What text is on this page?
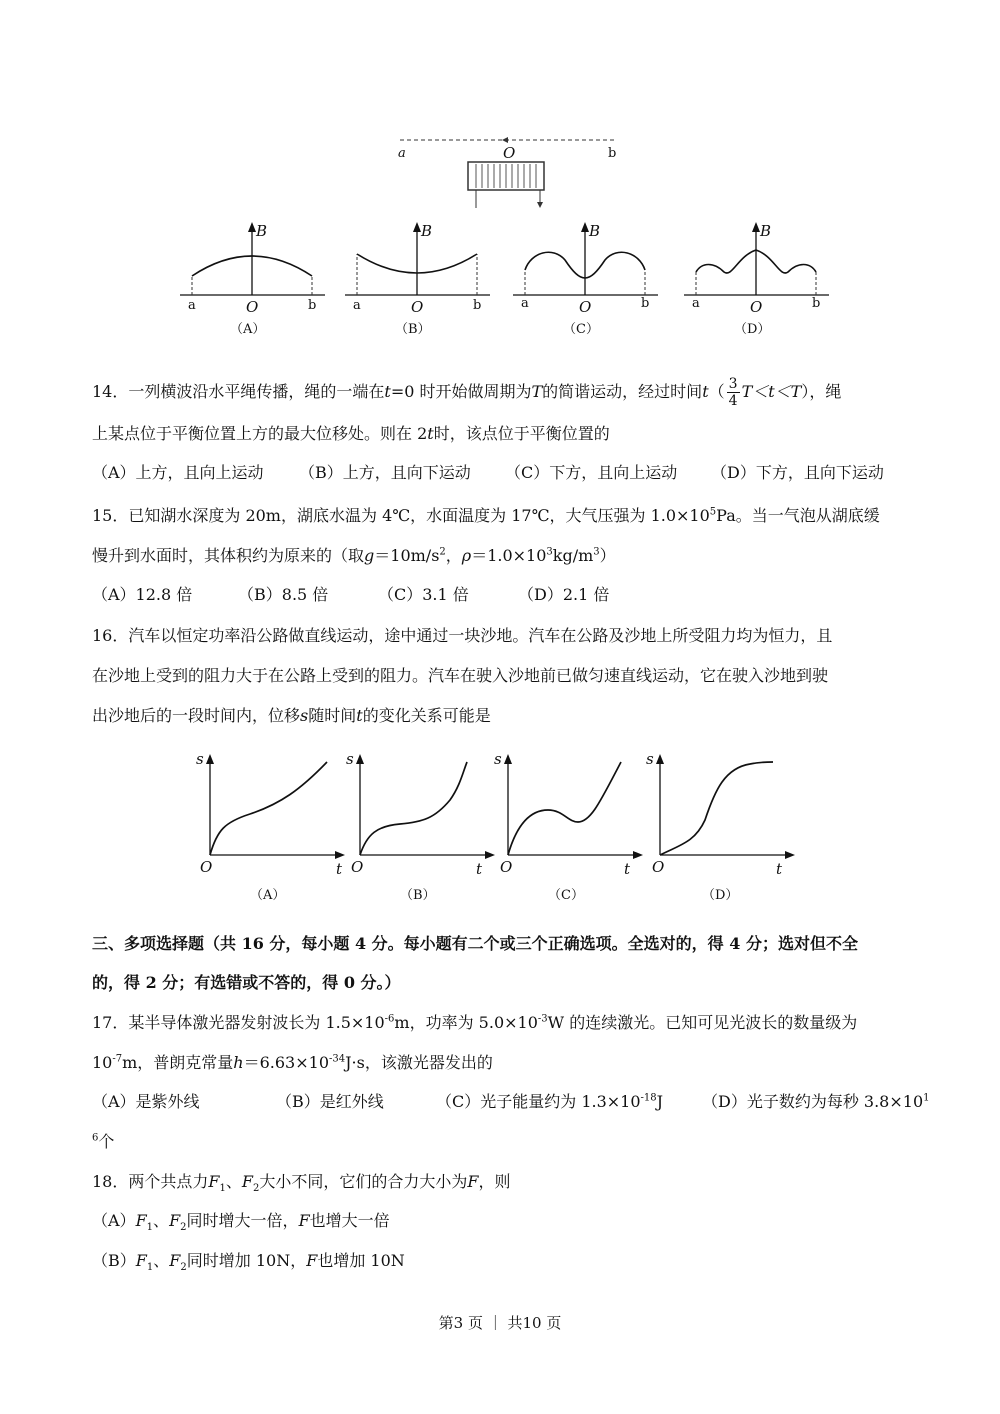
a	O	b
B
a	O	b
（A）
B
a	O	b
（B）
B
a	O	b
（C）
B
a	O	b
（D）
14．一列横波沿水平绳传播，绳的一端在t=0 时开始做周期为T的简谐运动，经过时间$t( \frac{3}{4} T<t<T)$，绳
上某点位于平衡位置上方的最大位移处。则在 2t时，该点位于平衡位置的
（A）上方，且向上运动 （B）上方，且向下运动 （C）下方，且向上运动 （D）下方，且向下运动
15．已知湖水深度为 20m，湖底水温为 4℃，水面温度为 17℃，大气压强为 $1.0\times 10^5Pa$。当一气泡从湖底缓
慢升到水面时，其体积约为原来的（取$g=10m/s^2$，$\rho=1.0\times 10^3kg/m^3$）
（A）12.8 倍	（B）8.5 倍	（C）3.1 倍	（D）2.1 倍
16．汽车以恒定功率沿公路做直线运动，途中通过一块沙地。汽车在公路及沙地上所受阻力均为恒力，且
在沙地上受到的阻力大于在公路上受到的阻力。汽车在驶入沙地前已做匀速直线运动，它在驶入沙地到驶
出沙地后的一段时间内，位移s随时间t的变化关系可能是
s
O	t
（A）
s
O	t
（B）
s
O	t
（C）
s
O	t
（D）
三、多项选择题（共 16 分，每小题 4 分。每小题有二个或三个正确选项。全选对的，得 4 分；选对但不全
的，得 2 分；有选错或不答的，得 0 分。）
17．某半导体激光器发射波长为 $1.5\times 10^{-6}m$，功率为 $5.0\times 10^{-3}W$ 的连续激光。已知可见光波长的数量级为
$10^{-7}m$，普朗克常量$h=6.63\times 10^{-34}J\cdot s$，该激光器发出的
（A）是紫外线	（B）是红外线	（C）光子能量约为 $1.3\times 10^{-18}J$ （D）光子数约为每秒 $3.8\times 10^1$
$^6$个
18．两个共点力$F_1$、$F_2$大小不同，它们的合力大小为F，则
$(A)F_1$、$F_2$同时增大一倍，F也增大一倍
$(B)F_1$、$F_2$同时增加 10N，F也增加 10N
第3 页 ｜ 共10 页
